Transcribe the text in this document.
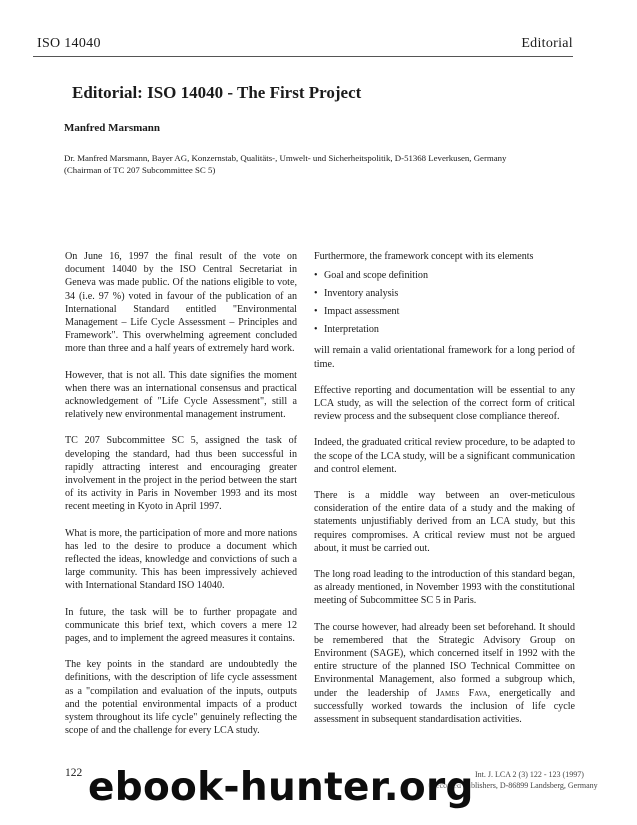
ISO 14040	Editorial
Editorial: ISO 14040 - The First Project
Manfred Marsmann
Dr. Manfred Marsmann, Bayer AG, Konzernstab, Qualitäts-, Umwelt- und Sicherheitspolitik, D-51368 Leverkusen, Germany
(Chairman of TC 207 Subcommittee SC 5)

On June 16, 1997 the final result of the vote on document 14040 by the ISO Central Secretariat in Geneva was made public. Of the nations eligible to vote, 34 (i.e. 97 %) voted in favour of the publication of an International Standard entitled "Environmental Management – Life Cycle Assessment – Principles and Framework". This overwhelming agreement concluded more than three and a half years of extremely hard work.

However, that is not all. This date signifies the moment when there was an international consensus and practical acknowledgement of "Life Cycle Assessment", still a relatively new environmental management instrument.

TC 207 Subcommittee SC 5, assigned the task of developing the standard, had thus been successful in rapidly attracting interest and encouraging greater involvement in the project in the period between the start of its activity in Paris in November 1993 and its most recent meeting in Kyoto in April 1997.

What is more, the participation of more and more nations has led to the desire to produce a document which reflected the ideas, knowledge and convictions of such a large community. This has been impressively achieved with International Standard ISO 14040.

In future, the task will be to further propagate and communicate this brief text, which covers a mere 12 pages, and to implement the agreed measures it contains.

The key points in the standard are undoubtedly the definitions, with the description of life cycle assessment as a "compilation and evaluation of the inputs, outputs and the potential environmental impacts of a product system throughout its life cycle" genuinely reflecting the scope of and the challenge for every LCA study.

Furthermore, the framework concept with its elements

• Goal and scope definition
• Inventory analysis
• Impact assessment
• Interpretation

will remain a valid orientational framework for a long period of time.

Effective reporting and documentation will be essential to any LCA study, as will the selection of the correct form of critical review process and the subsequent close compliance thereof.

Indeed, the graduated critical review procedure, to be adapted to the scope of the LCA study, will be a significant communication and control element.

There is a middle way between an over-meticulous consideration of the entire data of a study and the making of statements unjustifiably derived from an LCA study, but this requires compromises. A critical review must not be argued about, it must be carried out.

The long road leading to the introduction of this standard began, as already mentioned, in November 1993 with the constitutional meeting of Subcommittee SC 5 in Paris.

The course however, had already been set beforehand. It should be remembered that the Strategic Advisory Group on Environment (SAGE), which concerned itself in 1992 with the entire structure of the planned ISO Technical Committee on Environmental Management, also formed a subgroup which, under the leadership of James Fava, energetically and successfully worked towards the inclusion of life cycle assessment in subsequent standardisation activities.

122	Int. J. LCA 2 (3) 122 - 123 (1997)
© ecomed publishers, D-86899 Landsberg, Germany
ebook-hunter.org
